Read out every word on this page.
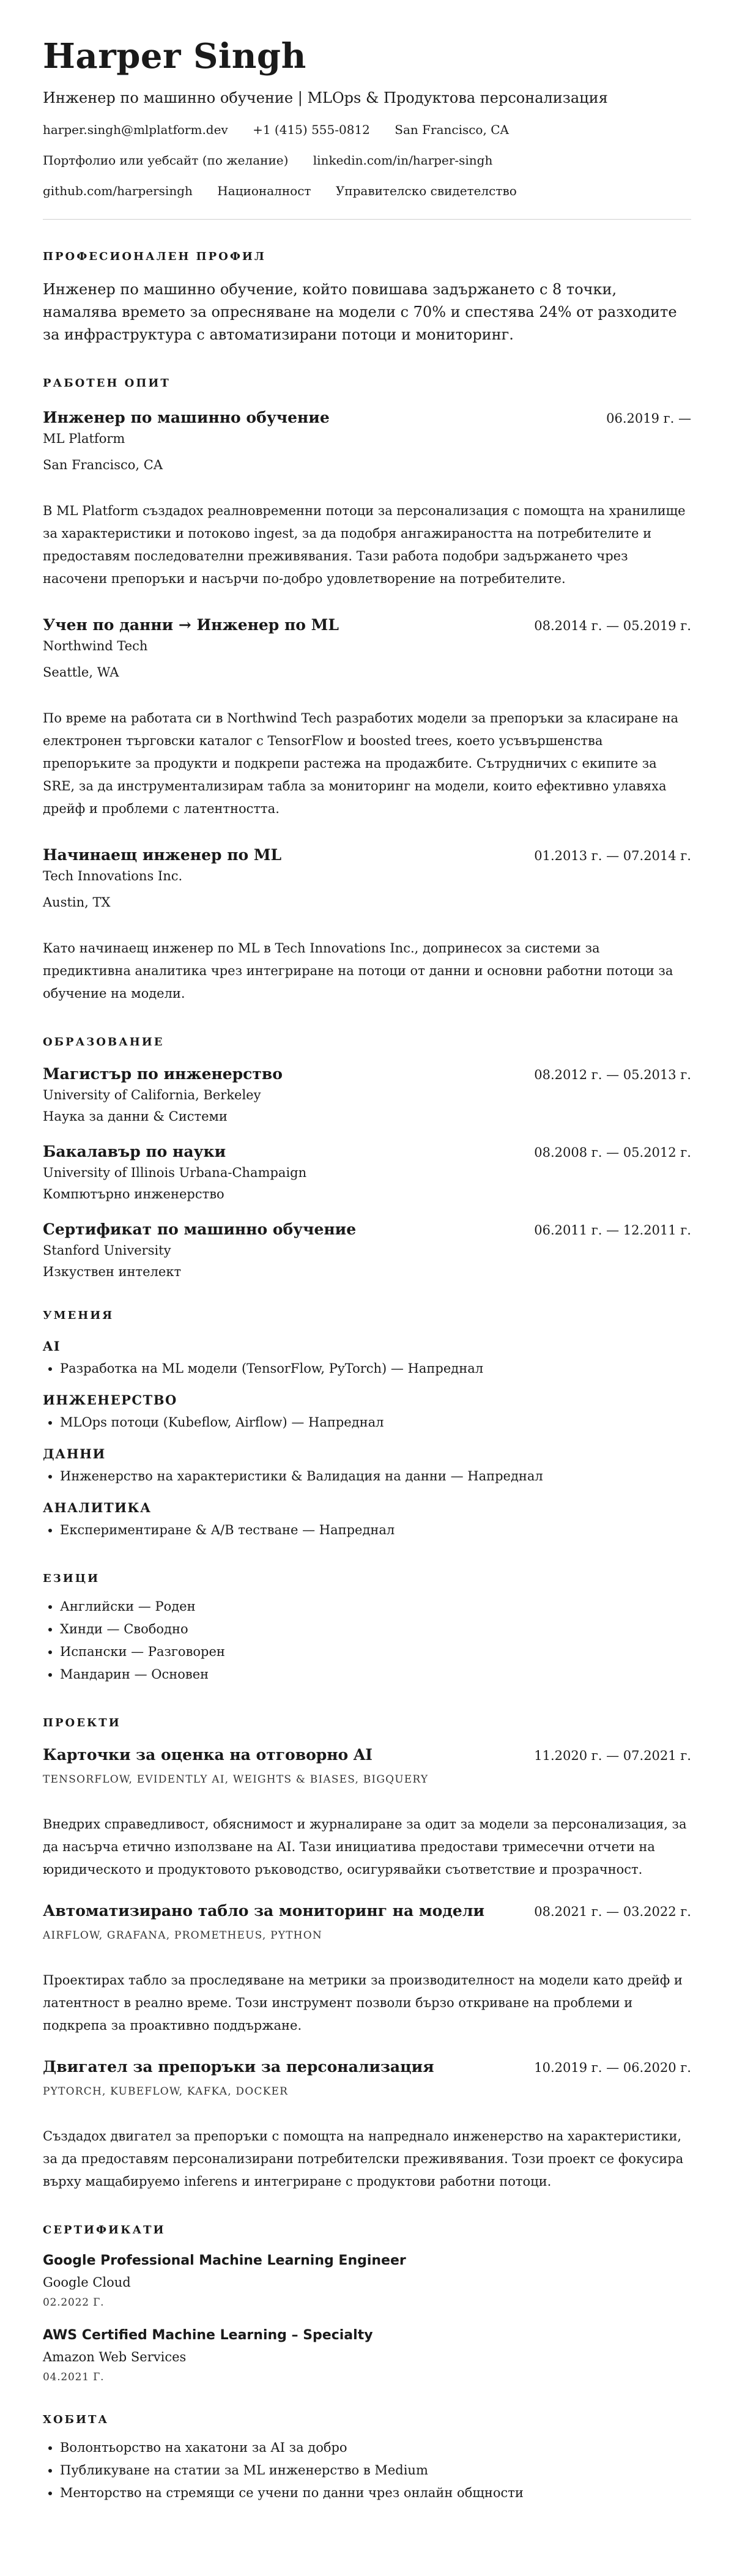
Harper Singh
Инженер по машинно обучение | MLOps & Продуктова персонализация
harper.singh@mlplatform.dev +1 (415) 555-0812 San Francisco, CA
Портфолио или уебсайт (по желание) linkedin.com/in/harper-singh
github.com/harpersingh Националност Управителско свидетелство
ПРОФЕСИОНАЛЕН ПРОФИЛ
Инженер по машинно обучение, който повишава задържането с 8 точки, намалява времето за опресняване на модели с 70% и спестява 24% от разходите за инфраструктура с автоматизирани потоци и мониторинг.
РАБОТЕН ОПИТ
Инженер по машинно обучение	06.2019 г. —
ML Platform
San Francisco, CA
В ML Platform създадох реалновременни потоци за персонализация с помощта на хранилище за характеристики и потоково ingest, за да подобря ангажираността на потребителите и предоставям последователни преживявания. Тази работа подобри задържането чрез насочени препоръки и насърчи по-добро удовлетворение на потребителите.
Учен по данни → Инженер по ML	08.2014 г. — 05.2019 г.
Northwind Tech
Seattle, WA
По време на работата си в Northwind Tech разработих модели за препоръки за класиране на електронен търговски каталог с TensorFlow и boosted trees, което усъвършенства препоръките за продукти и подкрепи растежа на продажбите. Сътрудничих с екипите за SRE, за да инструментализирам табла за мониторинг на модели, които ефективно улавяха дрейф и проблеми с латентността.
Начинаещ инженер по ML	01.2013 г. — 07.2014 г.
Tech Innovations Inc.
Austin, TX
Като начинаещ инженер по ML в Tech Innovations Inc., допринесох за системи за предиктивна аналитика чрез интегриране на потоци от данни и основни работни потоци за обучение на модели.
ОБРАЗОВАНИЕ
Магистър по инженерство	08.2012 г. — 05.2013 г.
University of California, Berkeley
Наука за данни & Системи
Бакалавър по науки	08.2008 г. — 05.2012 г.
University of Illinois Urbana-Champaign
Компютърно инженерство
Сертификат по машинно обучение	06.2011 г. — 12.2011 г.
Stanford University
Изкуствен интелект
УМЕНИЯ
AI
• Разработка на ML модели (TensorFlow, PyTorch) — Напреднал
ИНЖЕНЕРСТВО
• MLOps потоци (Kubeflow, Airflow) — Напреднал
ДАННИ
• Инженерство на характеристики & Валидация на данни — Напреднал
АНАЛИТИКА
• Експериментиране & A/B тестване — Напреднал
ЕЗИЦИ
• Английски — Роден
• Хинди — Свободно
• Испански — Разговорен
• Мандарин — Основен
ПРОЕКТИ
Карточки за оценка на отговорно AI	11.2020 г. — 07.2021 г.
TENSORFLOW, EVIDENTLY AI, WEIGHTS & BIASES, BIGQUERY
Внедрих справедливост, обяснимост и журналиране за одит за модели за персонализация, за да насърча етично използване на AI. Тази инициатива предостави тримесечни отчети на юридическото и продуктовото ръководство, осигурявайки съответствие и прозрачност.
Автоматизирано табло за мониторинг на модели	08.2021 г. — 03.2022 г.
AIRFLOW, GRAFANA, PROMETHEUS, PYTHON
Проектирах табло за проследяване на метрики за производителност на модели като дрейф и латентност в реално време. Този инструмент позволи бързо откриване на проблеми и подкрепа за проактивно поддържане.
Двигател за препоръки за персонализация	10.2019 г. — 06.2020 г.
PYTORCH, KUBEFLOW, KAFKA, DOCKER
Създадох двигател за препоръки с помощта на напреднало инженерство на характеристики, за да предоставям персонализирани потребителски преживявания. Този проект се фокусира върху мащабируемо inferens и интегриране с продуктови работни потоци.
СЕРТИФИКАТИ
Google Professional Machine Learning Engineer
Google Cloud
02.2022 Г.
AWS Certified Machine Learning – Specialty
Amazon Web Services
04.2021 Г.
ХОБИТА
• Волонтьорство на хакатони за AI за добро
• Публикуване на статии за ML инженерство в Medium
• Менторство на стремящи се учени по данни чрез онлайн общности
